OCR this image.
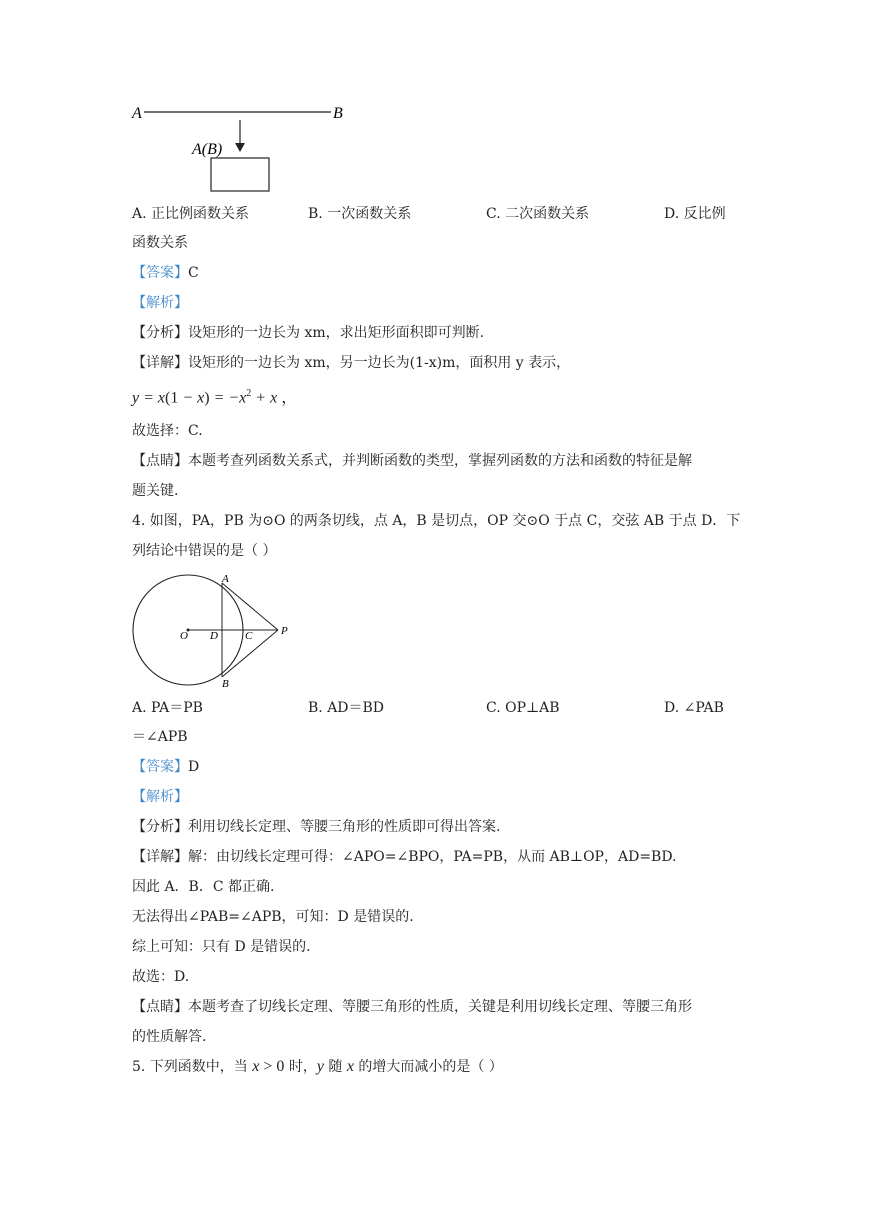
A	B
A(B)
A. 正比例函数关系	B. 一次函数关系	C. 二次函数关系	D. 反比例
函数关系
【答案】C
【解析】
【分析】设矩形的一边长为 xm，求出矩形面积即可判断.
【详解】设矩形的一边长为 xm，另一边长为(1-x)m，面积用 y 表示，
$y = x(1 - x) = -x^2 + x$ ，
故选择：C.
【点睛】本题考查列函数关系式，并判断函数的类型，掌握列函数的方法和函数的特征是解
题关键.
4. 如图，PA，PB 为⊙O 的两条切线，点 A，B 是切点，OP 交⊙O 于点 C，交弦 AB 于点 D．下
列结论中错误的是（ ）
O D C	P
A
B
A. PA＝PB	B. AD＝BD	C. OP⊥AB	D. ∠PAB
＝∠APB
【答案】D
【解析】
【分析】利用切线长定理、等腰三角形的性质即可得出答案.
【详解】解：由切线长定理可得：∠APO=∠BPO，PA=PB，从而 AB⊥OP，AD=BD.
因此 A．B．C 都正确.
无法得出∠PAB=∠APB，可知：D 是错误的.
综上可知：只有 D 是错误的.
故选：D.
【点睛】本题考查了切线长定理、等腰三角形的性质，关键是利用切线长定理、等腰三角形
的性质解答.
5. 下列函数中，当 x > 0 时，y 随 x 的增大而减小的是（ ）
